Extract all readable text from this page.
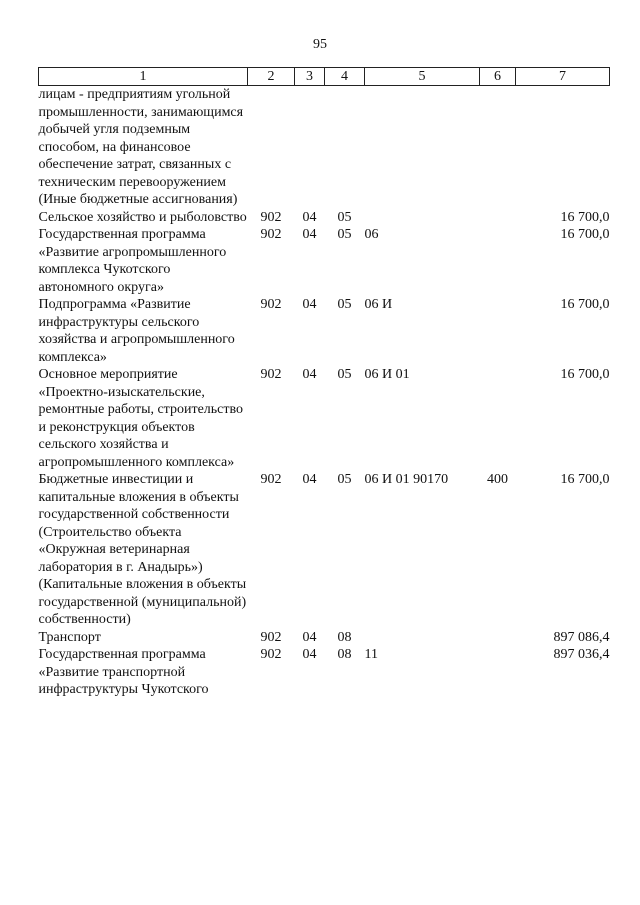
95
1	2	3	4	5	6	7
лицам - предприятиям угольной промышленности, занимающимся добычей угля подземным способом, на финансовое обеспечение затрат, связанных с техническим перевооружением (Иные бюджетные ассигнования)						
Сельское хозяйство и рыболовство	902	04	05			16 700,0
Государственная программа «Развитие агропромышленного комплекса Чукотского автономного округа»	902	04	05	06		16 700,0
Подпрограмма «Развитие инфраструктуры сельского хозяйства и агропромышленного комплекса»	902	04	05	06 И		16 700,0
Основное мероприятие «Проектно-изыскательские, ремонтные работы, строительство и реконструкция объектов сельского хозяйства и агропромышленного комплекса»	902	04	05	06 И 01		16 700,0
Бюджетные инвестиции и капитальные вложения в объекты государственной собственности (Строительство объекта «Окружная ветеринарная лаборатория в г. Анадырь») (Капитальные вложения в объекты государственной (муниципальной) собственности)	902	04	05	06 И 01 90170	400	16 700,0
Транспорт	902	04	08			897 086,4
Государственная программа «Развитие транспортной инфраструктуры Чукотского	902	04	08	11		897 036,4
